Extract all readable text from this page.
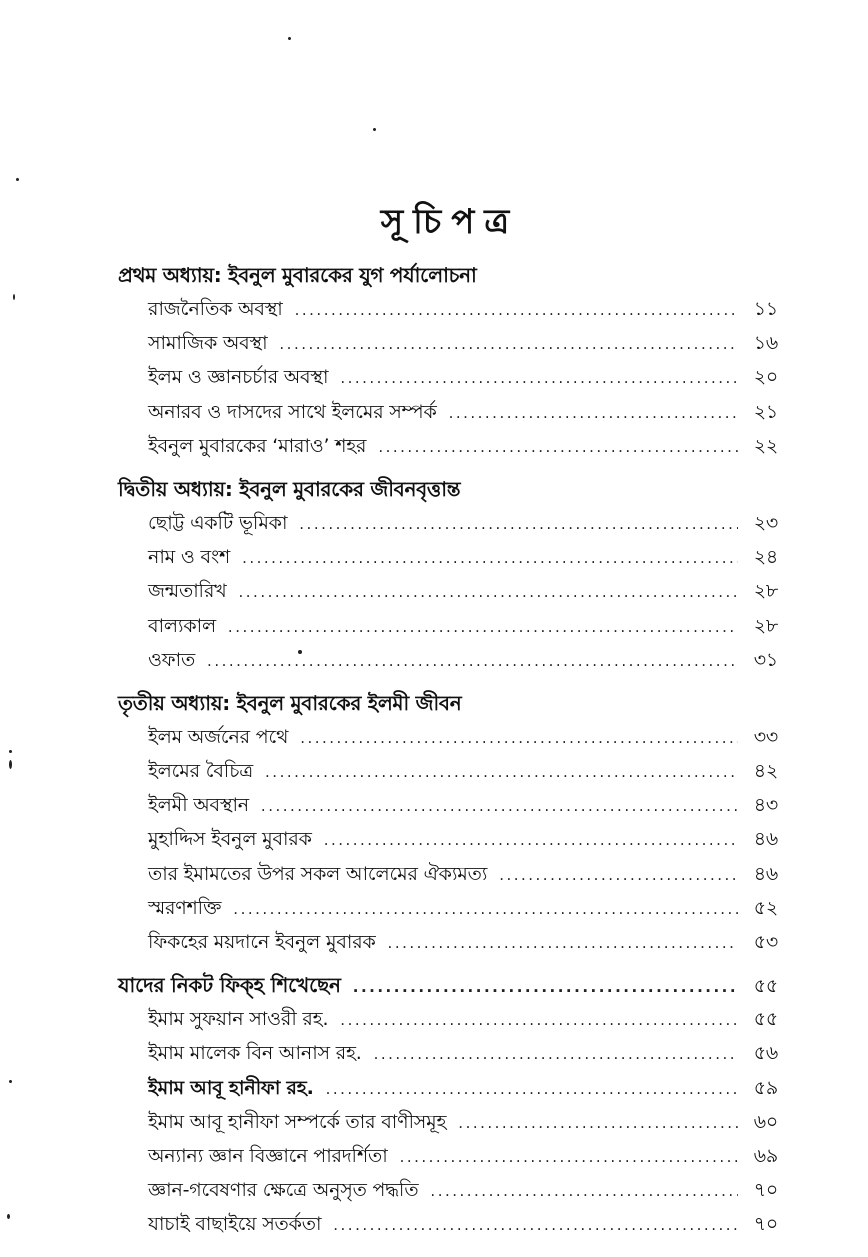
সূচিপত্র
প্রথম অধ্যায়: ইবনুল মুবারকের যুগ পর্যালোচনা
রাজনৈতিক অবস্থা .....	১১
সামাজিক অবস্থা .....	১৬
ইলম ও জ্ঞানচর্চার অবস্থা .....	২০
অনারব ও দাসদের সাথে ইলমের সম্পর্ক .....	২১
ইবনুল মুবারকের ‘মারাও’ শহর .....	২২
দ্বিতীয় অধ্যায়: ইবনুল মুবারকের জীবনবৃত্তান্ত
ছোট্ট একটি ভূমিকা .....	২৩
নাম ও বংশ .....	২৪
জন্মতারিখ .....	২৮
বাল্যকাল .....	২৮
ওফাত .....	৩১
তৃতীয় অধ্যায়: ইবনুল মুবারকের ইলমী জীবন
ইলম অর্জনের পথে .....	৩৩
ইলমের বৈচিত্র .....	৪২
ইলমী অবস্থান .....	৪৩
মুহাদ্দিস ইবনুল মুবারক .....	৪৬
তার ইমামতের উপর সকল আলেমের ঐক্যমত্য .....	৪৬
স্মরণশক্তি .....	৫২
ফিকহের ময়দানে ইবনুল মুবারক .....	৫৩
যাদের নিকট ফিক্‌হ শিখেছেন .....	৫৫
ইমাম সুফয়ান সাওরী রহ. .....	৫৫
ইমাম মালেক বিন আনাস রহ. .....	৫৬
ইমাম আবূ হানীফা রহ. .....	৫৯
ইমাম আবূ হানীফা সম্পর্কে তার বাণীসমূহ .....	৬০
অন্যান্য জ্ঞান বিজ্ঞানে পারদর্শিতা .....	৬৯
জ্ঞান-গবেষণার ক্ষেত্রে অনুসৃত পদ্ধতি .....	৭০
যাচাই বাছাইয়ে সতর্কতা .....	৭০
